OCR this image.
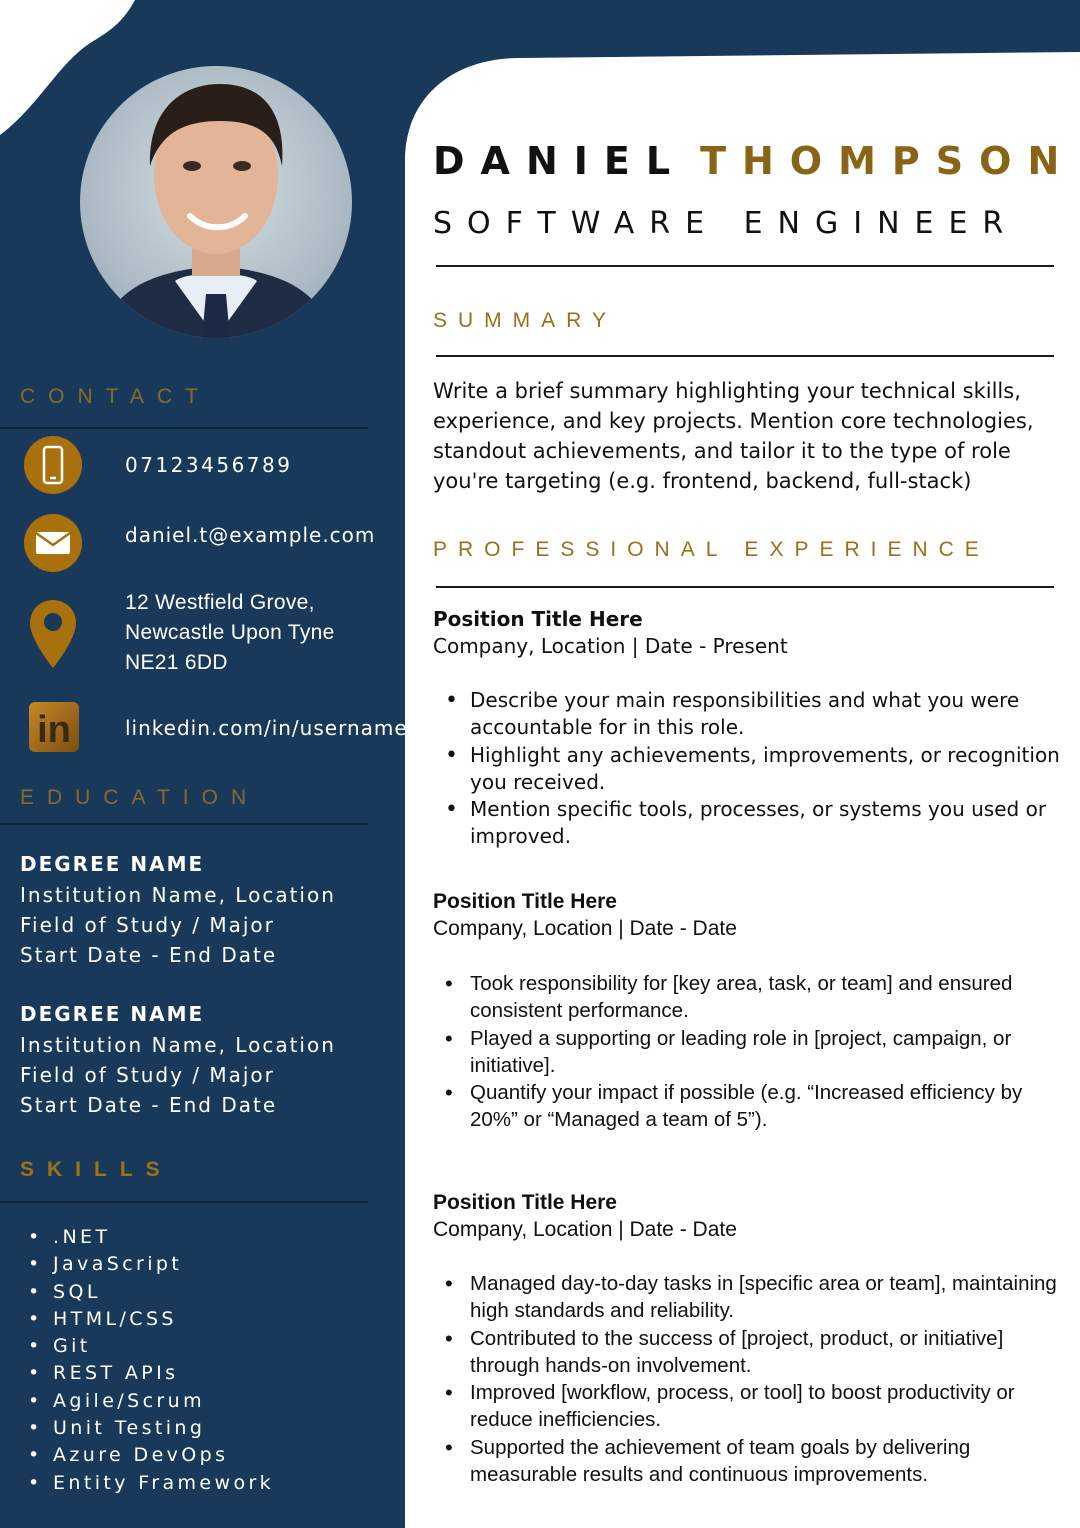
CONTACT

07123456789

daniel.t@example.com

12 Westfield Grove,

Newcastle Upon Tyne

NE21 6DD

in	linkedin.com/in/username

EDUCATION

DEGREE NAME

Institution Name, Location

Field of Study / Major

Start Date - End Date

DEGREE NAME

Institution Name, Location

Field of Study / Major

Start Date - End Date

SKILLS
• .NET
• JavaScript
• SQL
• HTML/CSS
• Git
• REST APIs
• Agile/Scrum
• Unit Testing
• Azure DevOps
• Entity Framework
DANIEL THOMPSON
SOFTWARE ENGINEER
SUMMARY

Write a brief summary highlighting your technical skills, experience, and key projects. Mention core technologies, standout achievements, and tailor it to the type of role you're targeting (e.g. frontend, backend, full-stack)

PROFESSIONAL EXPERIENCE

Position Title Here

Company, Location | Date - Present

• Describe your main responsibilities and what you were accountable for in this role.
• Highlight any achievements, improvements, or recognition you received.
• Mention specific tools, processes, or systems you used or improved.

Position Title Here

Company, Location | Date - Date

• Took responsibility for [key area, task, or team] and ensured consistent performance.
• Played a supporting or leading role in [project, campaign, or initiative].
• Quantify your impact if possible (e.g. “Increased efficiency by 20%” or “Managed a team of 5”).

Position Title Here

Company, Location | Date - Date

• Managed day-to-day tasks in [specific area or team], maintaining high standards and reliability.
• Contributed to the success of [project, product, or initiative] through hands-on involvement.
• Improved [workflow, process, or tool] to boost productivity or reduce inefficiencies.
• Supported the achievement of team goals by delivering measurable results and continuous improvements.
